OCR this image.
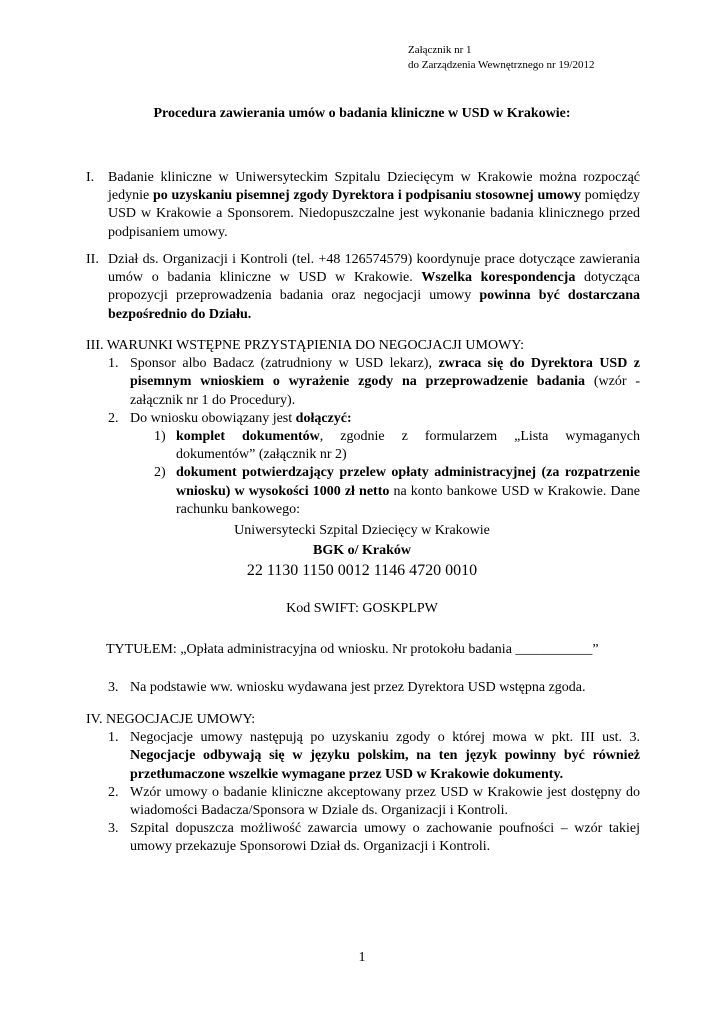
Załącznik nr 1
do Zarządzenia Wewnętrznego nr 19/2012
Procedura zawierania umów o badania kliniczne w USD w Krakowie:
I. Badanie kliniczne w Uniwersyteckim Szpitalu Dziecięcym w Krakowie można rozpocząć jedynie po uzyskaniu pisemnej zgody Dyrektora i podpisaniu stosownej umowy pomiędzy USD w Krakowie a Sponsorem. Niedopuszczalne jest wykonanie badania klinicznego przed podpisaniem umowy.
II. Dział ds. Organizacji i Kontroli (tel. +48 126574579) koordynuje prace dotyczące zawierania umów o badania kliniczne w USD w Krakowie. Wszelka korespondencja dotycząca propozycji przeprowadzenia badania oraz negocjacji umowy powinna być dostarczana bezpośrednio do Działu.
III. WARUNKI WSTĘPNE PRZYSTĄPIENIA DO NEGOCJACJI UMOWY:
1. Sponsor albo Badacz (zatrudniony w USD lekarz), zwraca się do Dyrektora USD z pisemnym wnioskiem o wyrażenie zgody na przeprowadzenie badania (wzór - załącznik nr 1 do Procedury).
2. Do wniosku obowiązany jest dołączyć:
1) komplet dokumentów, zgodnie z formularzem „Lista wymaganych dokumentów” (załącznik nr 2)
2) dokument potwierdzający przelew opłaty administracyjnej (za rozpatrzenie wniosku) w wysokości 1000 zł netto na konto bankowe USD w Krakowie. Dane rachunku bankowego:
Uniwersytecki Szpital Dziecięcy w Krakowie
BGK o/ Kraków
22 1130 1150 0012 1146 4720 0010
Kod SWIFT: GOSKPLPW
TYTUŁEM: „Opłata administracyjna od wniosku. Nr protokołu badania ___________”
3. Na podstawie ww. wniosku wydawana jest przez Dyrektora USD wstępna zgoda.
IV. NEGOCJACJE UMOWY:
1. Negocjacje umowy następują po uzyskaniu zgody o której mowa w pkt. III ust. 3. Negocjacje odbywają się w języku polskim, na ten język powinny być również przetłumaczone wszelkie wymagane przez USD w Krakowie dokumenty.
2. Wzór umowy o badanie kliniczne akceptowany przez USD w Krakowie jest dostępny do wiadomości Badacza/Sponsora w Dziale ds. Organizacji i Kontroli.
3. Szpital dopuszcza możliwość zawarcia umowy o zachowanie poufności – wzór takiej umowy przekazuje Sponsorowi Dział ds. Organizacji i Kontroli.
1
